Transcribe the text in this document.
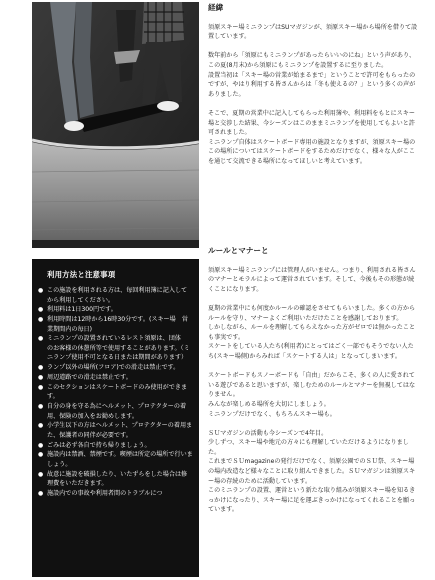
利用方法と注意事項
● この施設を利用される方は、毎回利用簿に記入してから利用してください。
● 利用料は1日300円です。
● 利用時間は12時から16時30分です。(スキー場　営業期間内の毎日)
● ミニランプの設置されているレスト須原は、団体　のお客様の休憩所等で使用することがあります。（ミニランプ使用不可となる日または期間があります）
● ランプ以外の場所(フロア)での滑走は禁止です。
● 周辺道路での滑走は禁止です。
● このセクションはスケートボードのみ使用ができます。
● 自分の身を守る為にヘルメット、プロテクターの着用、保険の加入をお勧めします。
● 小学生以下の方はヘルメット、プロテクターの着用また、保護者の同伴が必要です。
● ごみは必ず各自で持ち帰りましょう。
● 施設内は禁酒、禁煙です。喫煙は所定の場所で行いましょう。
● 故意に施設を破損したり、いたずらをした場合は修理費をいただきます。
● 施設内での事故や利用者間のトラブルにつ
経緯

須原スキー場ミニランプはSUマガジンが、須原スキー場から場所を借りて設置しています。

数年前から「須原にもミニランプがあったらいいのにね」という声があり、この夏(8月末)から須原にもミニランプを設置するに至りました。

設置当初は「スキー場の営業が始まるまで」ということで許可をもらったのですが、やはり利用する皆さんからは「冬も使えるの？」という多くの声がありました。

そこで、夏期の営業中に記入してもらった利用簿や、利用料をもとにスキー場と交渉した結果、今シーズンはこのままミニランプを使用してもよいと許可されました。

ミニランプ自体はスケートボード専用の施設となりますが、須原スキー場のこの場所についてはスケートボードをするためだけでなく、様々な人がここを通じて交流できる場所になってほしいと考えています。

ルールとマナーと

須原スキー場ミニランプには管理人がいません。つまり、利用される皆さんのマナーとモラルによって運営されています。そして、今後もその形態が続くことになります。

夏期の営業中にも何度かルールの確認をさせてもらいました。多くの方からルールを守り、マナーよくご利用いただけたことを感謝しております。

しかしながら、ルールを理解してもらえなかった方がゼロでは無かったことも事実です。

スケートをしている人たち(利用者)にとってはごく一部でもそうでない人たち(スキー場側)からみれば「スケートする人は」となってしまいます。

スケートボードもスノーボードも「自由」だからこそ、多くの人に愛されている遊びであると思いますが、楽しむためのルールとマナーを無視してはなりません。

みんなが楽しめる場所を大切にしましょう。

ミニランプだけでなく、もちろんスキー場も。

ＳＵマガジンの活動も今シーズンで4年目。

少しずつ、スキー場や地元の方々にも理解していただけるようになりました。

これまでＳＵmagazineの発行だけでなく、須原公園でのＳＵ祭、スキー場の場内改造など様々なことに取り組んできました。ＳＵマガジンは須原スキー場の存続のために活動しています。

このミニランプの設置、運営という新たな取り組みが須原スキー場を知るきっかけになったり、スキー場に足を運ぶきっかけになってくれることを願っています。
